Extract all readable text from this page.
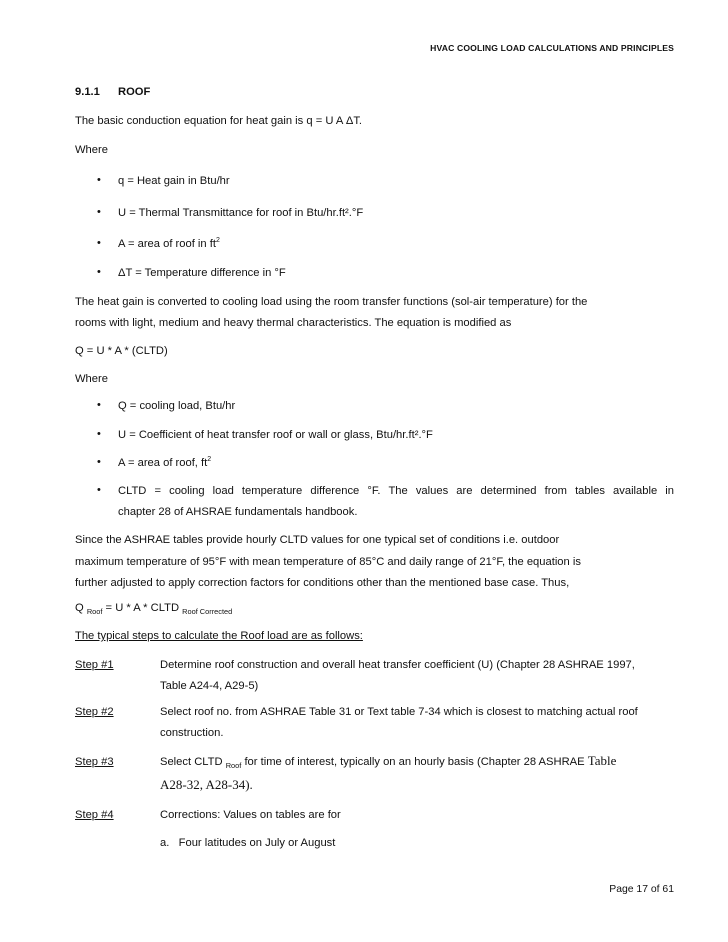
HVAC COOLING LOAD CALCULATIONS AND PRINCIPLES
9.1.1 ROOF
The basic conduction equation for heat gain is q = U A ΔT.
Where
• q = Heat gain in Btu/hr
• U = Thermal Transmittance for roof in Btu/hr.ft².°F
• A = area of roof in $ft^2$
• ΔT = Temperature difference in °F
The heat gain is converted to cooling load using the room transfer functions (sol-air temperature) for the
rooms with light, medium and heavy thermal characteristics. The equation is modified as
Q = U * A * (CLTD)
Where
• Q = cooling load, Btu/hr
• U = Coefficient of heat transfer roof or wall or glass, Btu/hr.ft².°F
• A = area of roof, $ft^2$
• CLTD = cooling load temperature difference °F. The values are determined from tables available in
chapter 28 of AHSRAE fundamentals handbook.
Since the ASHRAE tables provide hourly CLTD values for one typical set of conditions i.e. outdoor
maximum temperature of 95°F with mean temperature of 85°C and daily range of 21°F, the equation is
further adjusted to apply correction factors for conditions other than the mentioned base case. Thus,
Q $_{Roof}$ = U * A * CLTD $_{Roof Corrected}$
The typical steps to calculate the Roof load are as follows:
Step #1	Determine roof construction and overall heat transfer coefficient (U) (Chapter 28 ASHRAE 1997,
Table A24-4, A29-5)
Step #2	Select roof no. from ASHRAE Table 31 or Text table 7-34 which is closest to matching actual roof
construction.
Step #3	Select CLTD $_{Roof}$ for time of interest, typically on an hourly basis (Chapter 28 ASHRAE Table
A28-32, A28-34).
Step #4	Corrections: Values on tables are for
a.   Four latitudes on July or August
Page 17 of 61
